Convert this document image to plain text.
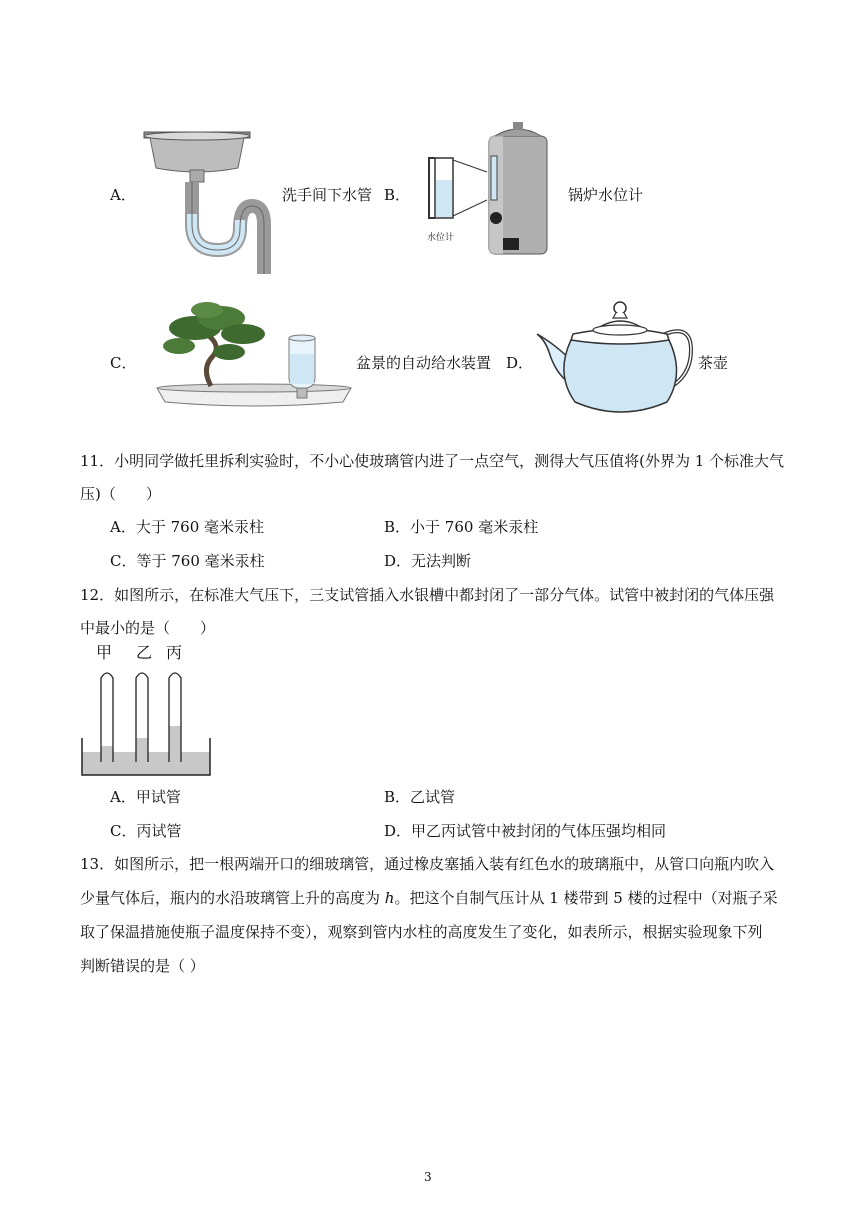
A．	洗手间下水管 B．
水位计
锅炉水位计
C．	盆景的自动给水装置 D．	茶壶
11．小明同学做托里拆利实验时，不小心使玻璃管内进了一点空气，测得大气压值将(外界为 1 个标准大气
压)（　　）
A．大于 760 毫米汞柱	B．小于 760 毫米汞柱
C．等于 760 毫米汞柱	D．无法判断
12．如图所示，在标准大气压下，三支试管插入水银槽中都封闭了一部分气体。试管中被封闭的气体压强
中最小的是（　　）
甲 乙 丙
A．甲试管	B．乙试管
C．丙试管	D．甲乙丙试管中被封闭的气体压强均相同
13．如图所示，把一根两端开口的细玻璃管，通过橡皮塞插入装有红色水的玻璃瓶中，从管口向瓶内吹入
少量气体后，瓶内的水沿玻璃管上升的高度为 h。把这个自制气压计从 1 楼带到 5 楼的过程中（对瓶子采
取了保温措施使瓶子温度保持不变），观察到管内水柱的高度发生了变化，如表所示，根据实验现象下列
判断错误的是（ ）
3
